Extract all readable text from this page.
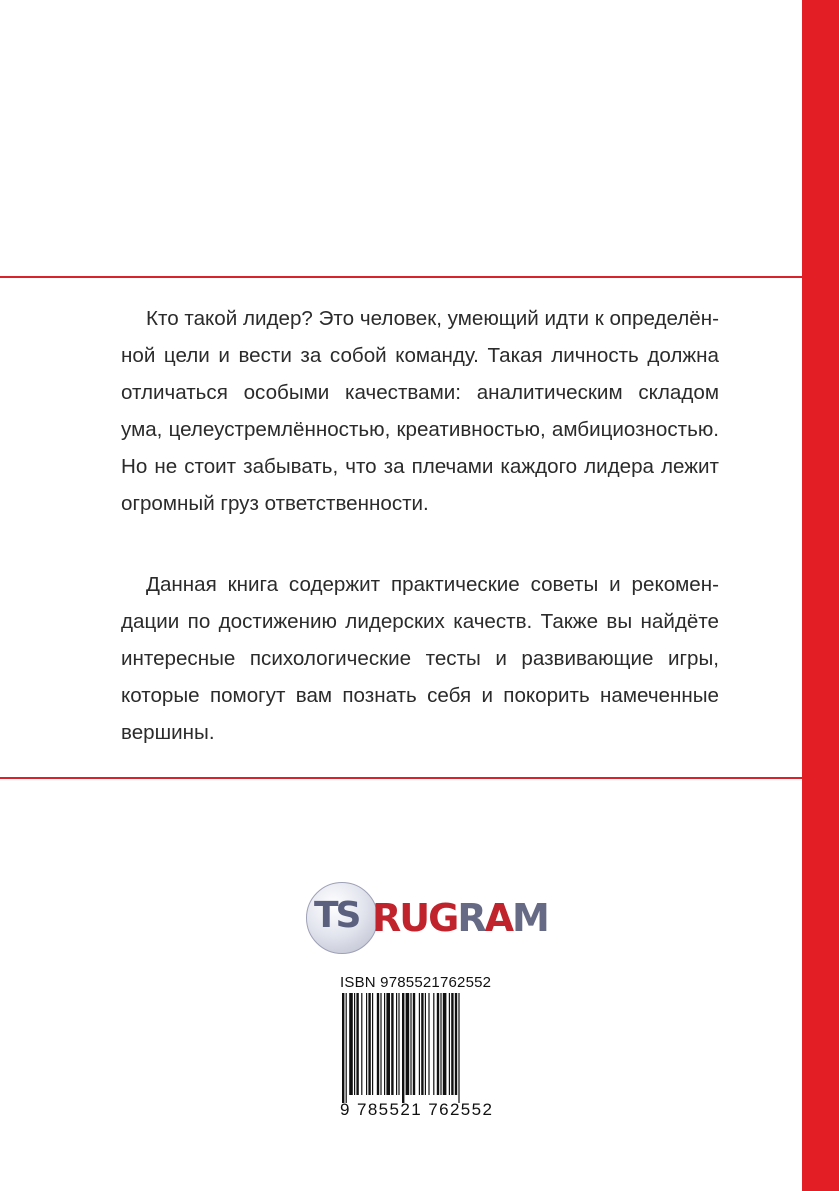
Кто такой лидер? Это человек, умеющий идти к определённой цели и вести за собой команду. Такая личность должна отличаться особыми качествами: аналитическим складом ума, целеустремлённостью, креативностью, амбициозностью. Но не стоит забывать, что за плечами каждого лидера лежит огромный груз ответственности.

Данная книга содержит практические советы и рекомендации по достижению лидерских качеств. Также вы найдёте интересные психологические тесты и развивающие игры, которые помогут вам познать себя и покорить намеченные вершины.

TS RUGRAM
ISBN 9785521762552
9 785521 762552
